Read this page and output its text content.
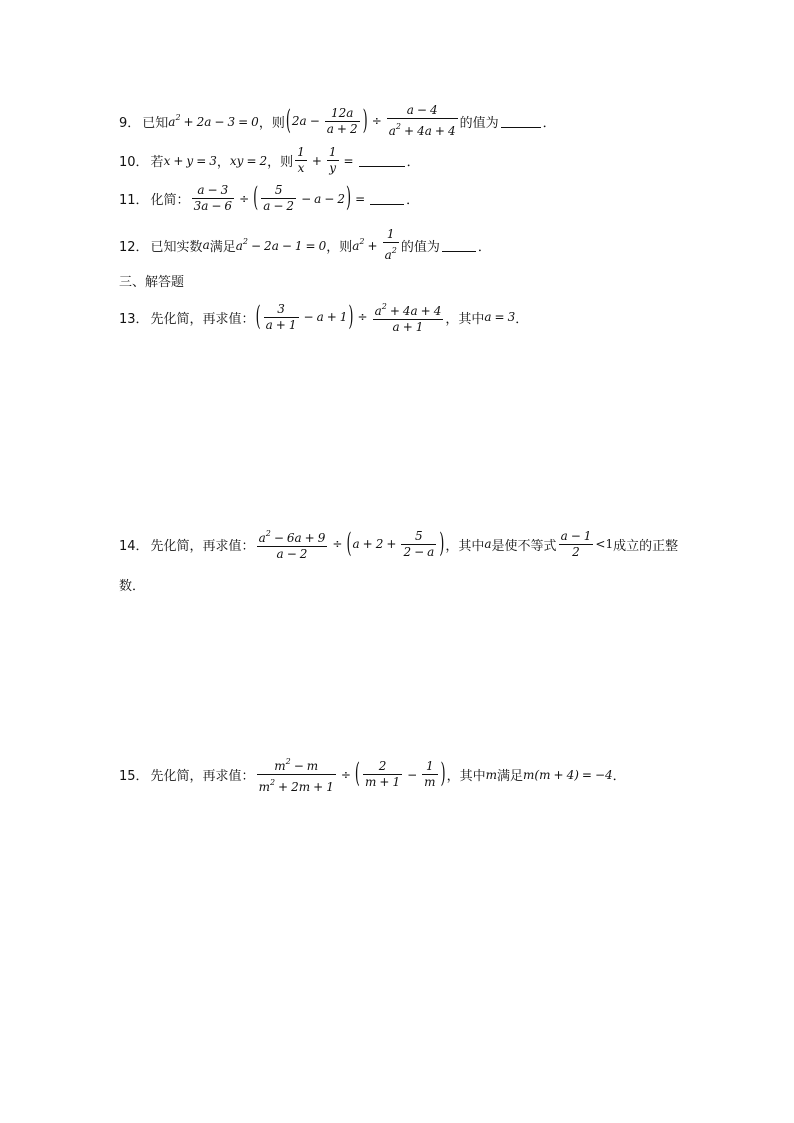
9． 已知 $a^2 + 2a - 3 = 0$ ，则 ( $2a - \frac{12a}{a + 2}$ ) ÷ $\frac{a - 4}{a^2 + 4a + 4}$ 的值为	．
10． 若 x + y = 3 ， xy = 2 ，则 $\frac{1}{x} + \frac{1}{y}$ =	．
11． 化简： $\frac{a - 3}{3a - 6}$ ÷ ( $\frac{5}{a - 2} - a - 2$ ) =	．
12． 已知实数 a 满足 $a^2 - 2a - 1 = 0$ ，则 $a^2 + \frac{1}{a^2}$ 的值为	．
三、解答题
13． 先化简，再求值： ( $\frac{3}{a + 1} - a + 1$ ) ÷ $\frac{a^2 + 4a + 4}{a + 1}$ ，其中 a = 3 ．
14． 先化简，再求值： $\frac{a^2 - 6a + 9}{a - 2}$ ÷ ( $a + 2 + \frac{5}{2 - a}$ ) ，其中 a 是使不等式 $\frac{a - 1}{2} <1$ 成立的正整
数．
15． 先化简，再求值： $\frac{m^2 - m}{m^2 + 2m + 1}$ ÷ ( $\frac{2}{m + 1} - \frac{1}{m}$ ) ，其中 m 满足 m(m + 4) = −4 ．
